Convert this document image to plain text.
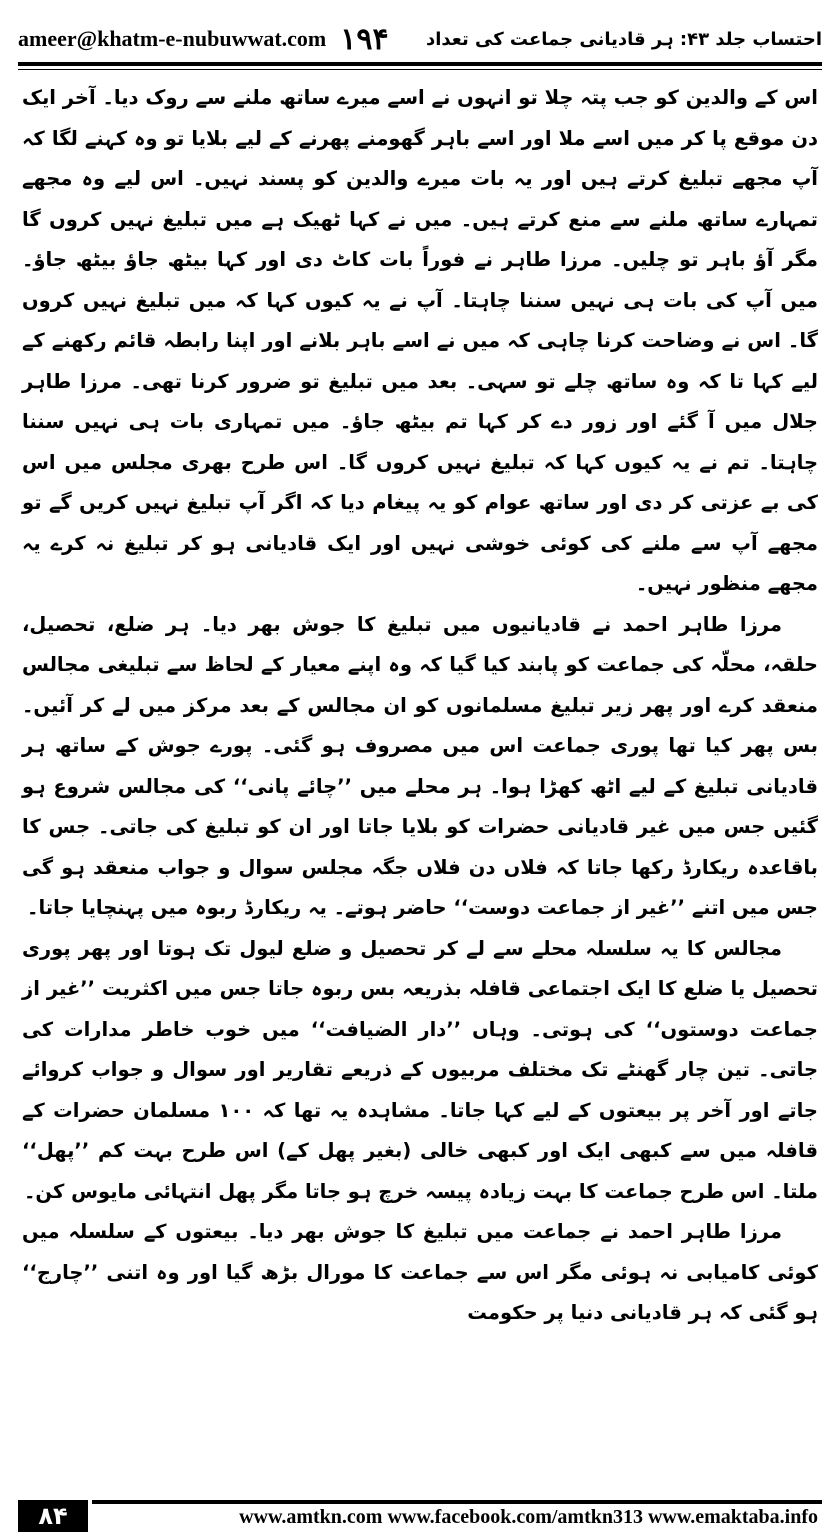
ameer@khatm-e-nubuwwat.com ۱۹۴ احتساب جلد ۴۳: ہر قادیانی جماعت کی تعداد

اس کے والدین کو جب پتہ چلا تو انہوں نے اسے میرے ساتھ ملنے سے روک دیا۔ آخر ایک دن موقع پا کر میں اسے ملا اور اسے باہر گھومنے پھرنے کے لیے بلایا تو وہ کہنے لگا کہ آپ مجھے تبلیغ کرتے ہیں اور یہ بات میرے والدین کو پسند نہیں۔ اس لیے وہ مجھے تمہارے ساتھ ملنے سے منع کرتے ہیں۔ میں نے کہا ٹھیک ہے میں تبلیغ نہیں کروں گا مگر آؤ باہر تو چلیں۔ مرزا طاہر نے فوراً بات کاٹ دی اور کہا بیٹھ جاؤ بیٹھ جاؤ۔ میں آپ کی بات ہی نہیں سننا چاہتا۔ آپ نے یہ کیوں کہا کہ میں تبلیغ نہیں کروں گا۔ اس نے وضاحت کرنا چاہی کہ میں نے اسے باہر بلانے اور اپنا رابطہ قائم رکھنے کے لیے کہا تا کہ وہ ساتھ چلے تو سہی۔ بعد میں تبلیغ تو ضرور کرنا تھی۔ مرزا طاہر جلال میں آ گئے اور زور دے کر کہا تم بیٹھ جاؤ۔ میں تمہاری بات ہی نہیں سننا چاہتا۔ تم نے یہ کیوں کہا کہ تبلیغ نہیں کروں گا۔ اس طرح بھری مجلس میں اس کی بے عزتی کر دی اور ساتھ عوام کو یہ پیغام دیا کہ اگر آپ تبلیغ نہیں کریں گے تو مجھے آپ سے ملنے کی کوئی خوشی نہیں اور ایک قادیانی ہو کر تبلیغ نہ کرے یہ مجھے منظور نہیں۔

مرزا طاہر احمد نے قادیانیوں میں تبلیغ کا جوش بھر دیا۔ ہر ضلع، تحصیل، حلقہ، محلّہ کی جماعت کو پابند کیا گیا کہ وہ اپنے معیار کے لحاظ سے تبلیغی مجالس منعقد کرے اور پھر زیر تبلیغ مسلمانوں کو ان مجالس کے بعد مرکز میں لے کر آئیں۔ بس پھر کیا تھا پوری جماعت اس میں مصروف ہو گئی۔ پورے جوش کے ساتھ ہر قادیانی تبلیغ کے لیے اٹھ کھڑا ہوا۔ ہر محلے میں ’’چائے پانی‘‘ کی مجالس شروع ہو گئیں جس میں غیر قادیانی حضرات کو بلایا جاتا اور ان کو تبلیغ کی جاتی۔ جس کا باقاعدہ ریکارڈ رکھا جاتا کہ فلاں دن فلاں جگہ مجلس سوال و جواب منعقد ہو گی جس میں اتنے ’’غیر از جماعت دوست‘‘ حاضر ہوتے۔ یہ ریکارڈ ربوہ میں پہنچایا جاتا۔

مجالس کا یہ سلسلہ محلے سے لے کر تحصیل و ضلع لیول تک ہوتا اور پھر پوری تحصیل یا ضلع کا ایک اجتماعی قافلہ بذریعہ بس ربوہ جاتا جس میں اکثریت ’’غیر از جماعت دوستوں‘‘ کی ہوتی۔ وہاں ’’دار الضیافت‘‘ میں خوب خاطر مدارات کی جاتی۔ تین چار گھنٹے تک مختلف مربیوں کے ذریعے تقاریر اور سوال و جواب کروائے جاتے اور آخر پر بیعتوں کے لیے کہا جاتا۔ مشاہدہ یہ تھا کہ ۱۰۰ مسلمان حضرات کے قافلہ میں سے کبھی ایک اور کبھی خالی (بغیر پھل کے) اس طرح بہت کم ’’پھل‘‘ ملتا۔ اس طرح جماعت کا بہت زیادہ پیسہ خرچ ہو جاتا مگر پھل انتہائی مایوس کن۔

مرزا طاہر احمد نے جماعت میں تبلیغ کا جوش بھر دیا۔ بیعتوں کے سلسلہ میں کوئی کامیابی نہ ہوئی مگر اس سے جماعت کا مورال بڑھ گیا اور وہ اتنی ’’چارج‘‘ ہو گئی کہ ہر قادیانی دنیا پر حکومت

۸۴	www.amtkn.com www.facebook.com/amtkn313 www.emaktaba.info
